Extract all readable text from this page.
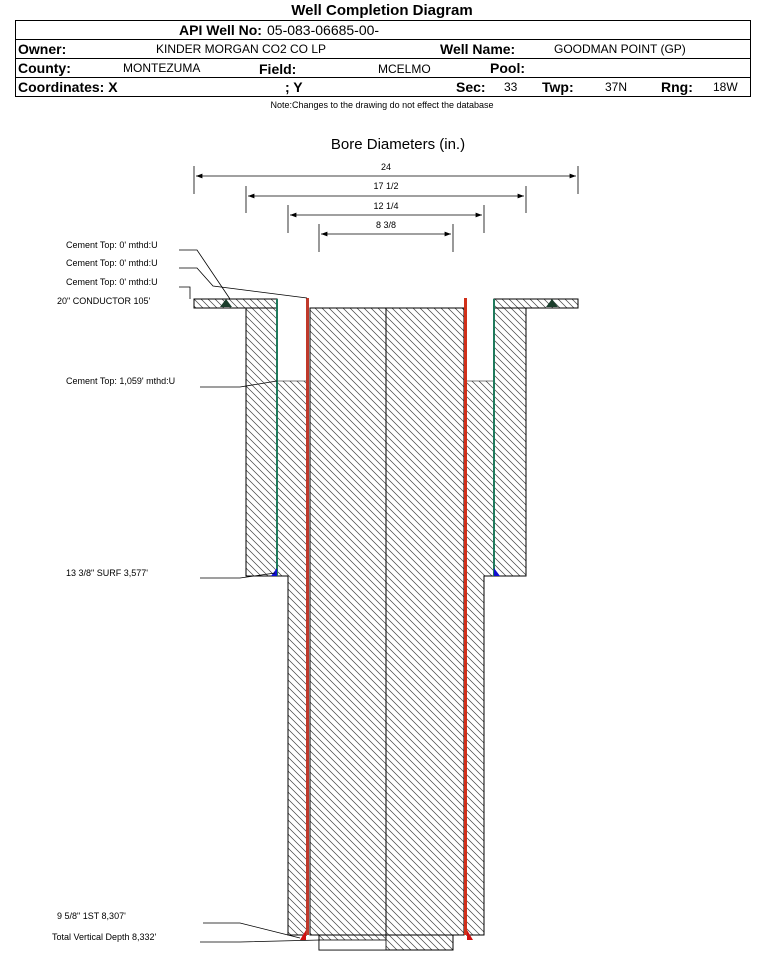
Well Completion Diagram
API Well No: 05-083-06685-00-
Owner:	KINDER MORGAN CO2 CO LP	Well Name:	GOODMAN POINT (GP)
County:	MONTEZUMA	Field:	MCELMO	Pool:
Coordinates: X	; Y	Sec: 33 Twp:	37N Rng: 18W
Note:Changes to the drawing do not effect the database
Bore Diameters (in.)
24
17 1/2
12 1/4
8 3/8
Cement Top: 0' mthd:U
Cement Top: 0' mthd:U
Cement Top: 0' mthd:U
20" CONDUCTOR 105'
Cement Top: 1,059' mthd:U
13 3/8" SURF 3,577'
9 5/8" 1ST 8,307'
Total Vertical Depth 8,332'
